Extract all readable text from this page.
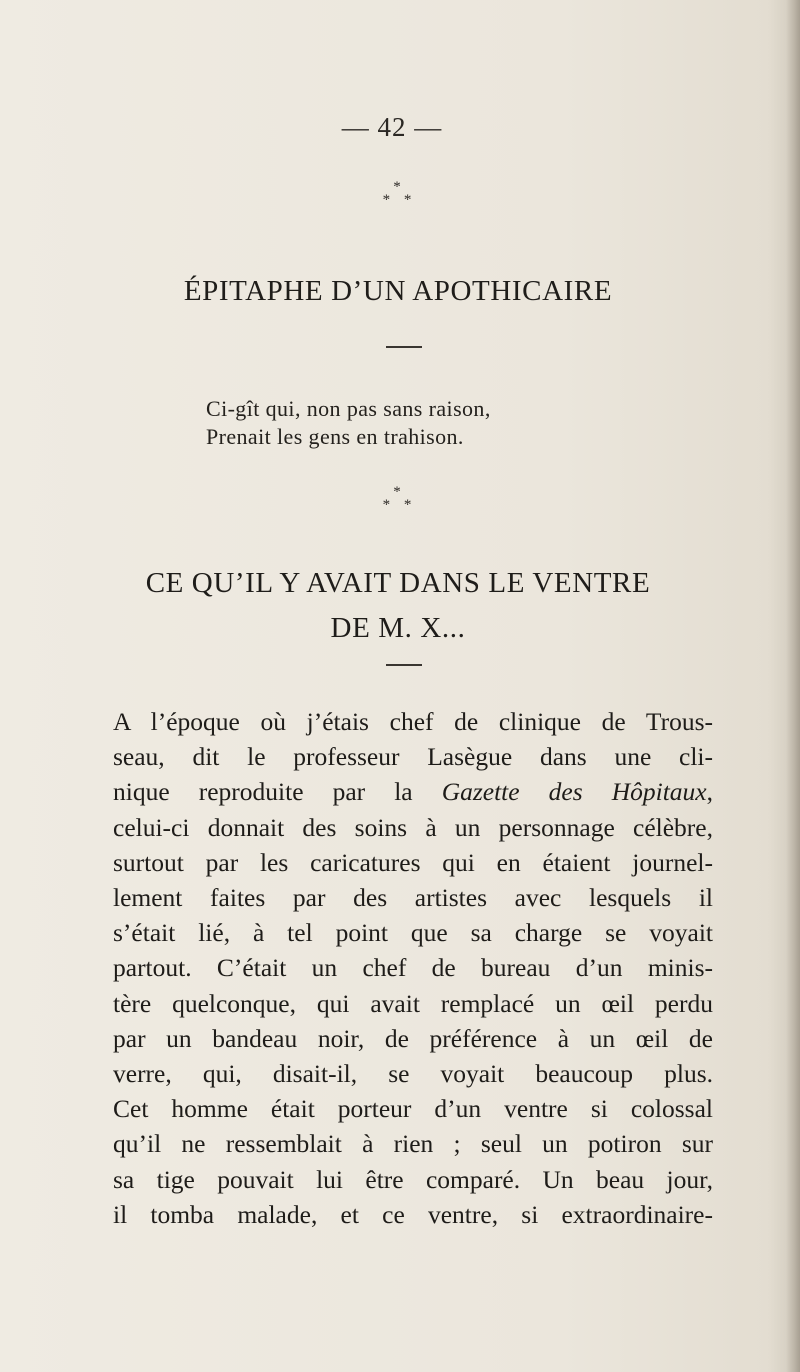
— 42 —
*
* *
ÉPITAPHE D’UN APOTHICAIRE
Ci-gît qui, non pas sans raison,
Prenait les gens en trahison.
*
* *
CE QU’IL Y AVAIT DANS LE VENTRE
DE M. X...
A l’époque où j’étais chef de clinique de Trous-
seau, dit le professeur Lasègue dans une cli-
nique reproduite par la Gazette des Hôpitaux,
celui-ci donnait des soins à un personnage célèbre,
surtout par les caricatures qui en étaient journel-
lement faites par des artistes avec lesquels il
s’était lié, à tel point que sa charge se voyait
partout. C’était un chef de bureau d’un minis-
tère quelconque, qui avait remplacé un œil perdu
par un bandeau noir, de préférence à un œil de
verre, qui, disait-il, se voyait beaucoup plus.
Cet homme était porteur d’un ventre si colossal
qu’il ne ressemblait à rien ; seul un potiron sur
sa tige pouvait lui être comparé. Un beau jour,
il tomba malade, et ce ventre, si extraordinaire-
